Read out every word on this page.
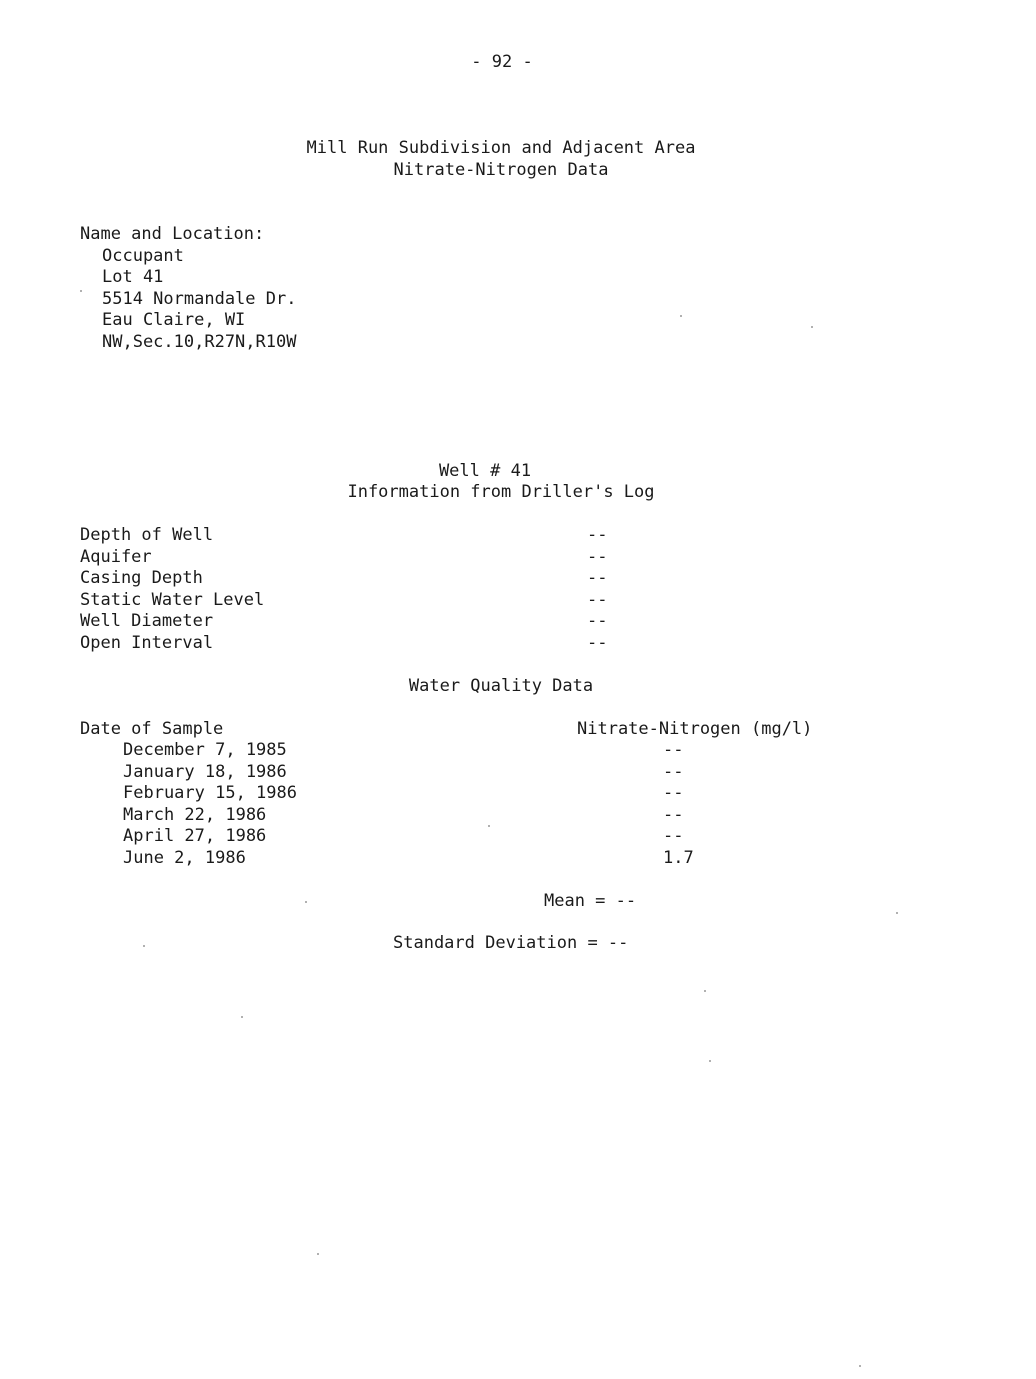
- 92 -
Mill Run Subdivision and Adjacent Area
Nitrate-Nitrogen Data
Name and Location:
Occupant
Lot 41
5514 Normandale Dr.
Eau Claire, WI
NW,Sec.10,R27N,R10W
Well # 41
Information from Driller's Log
Depth of Well	--
Aquifer	--
Casing Depth	--
Static Water Level	--
Well Diameter	--
Open Interval	--
Water Quality Data
Date of Sample	Nitrate-Nitrogen (mg/l)
December 7, 1985	--
January 18, 1986	--
February 15, 1986	--
March 22, 1986	--
April 27, 1986	--
June 2, 1986	1.7
Mean = --
Standard Deviation = --
